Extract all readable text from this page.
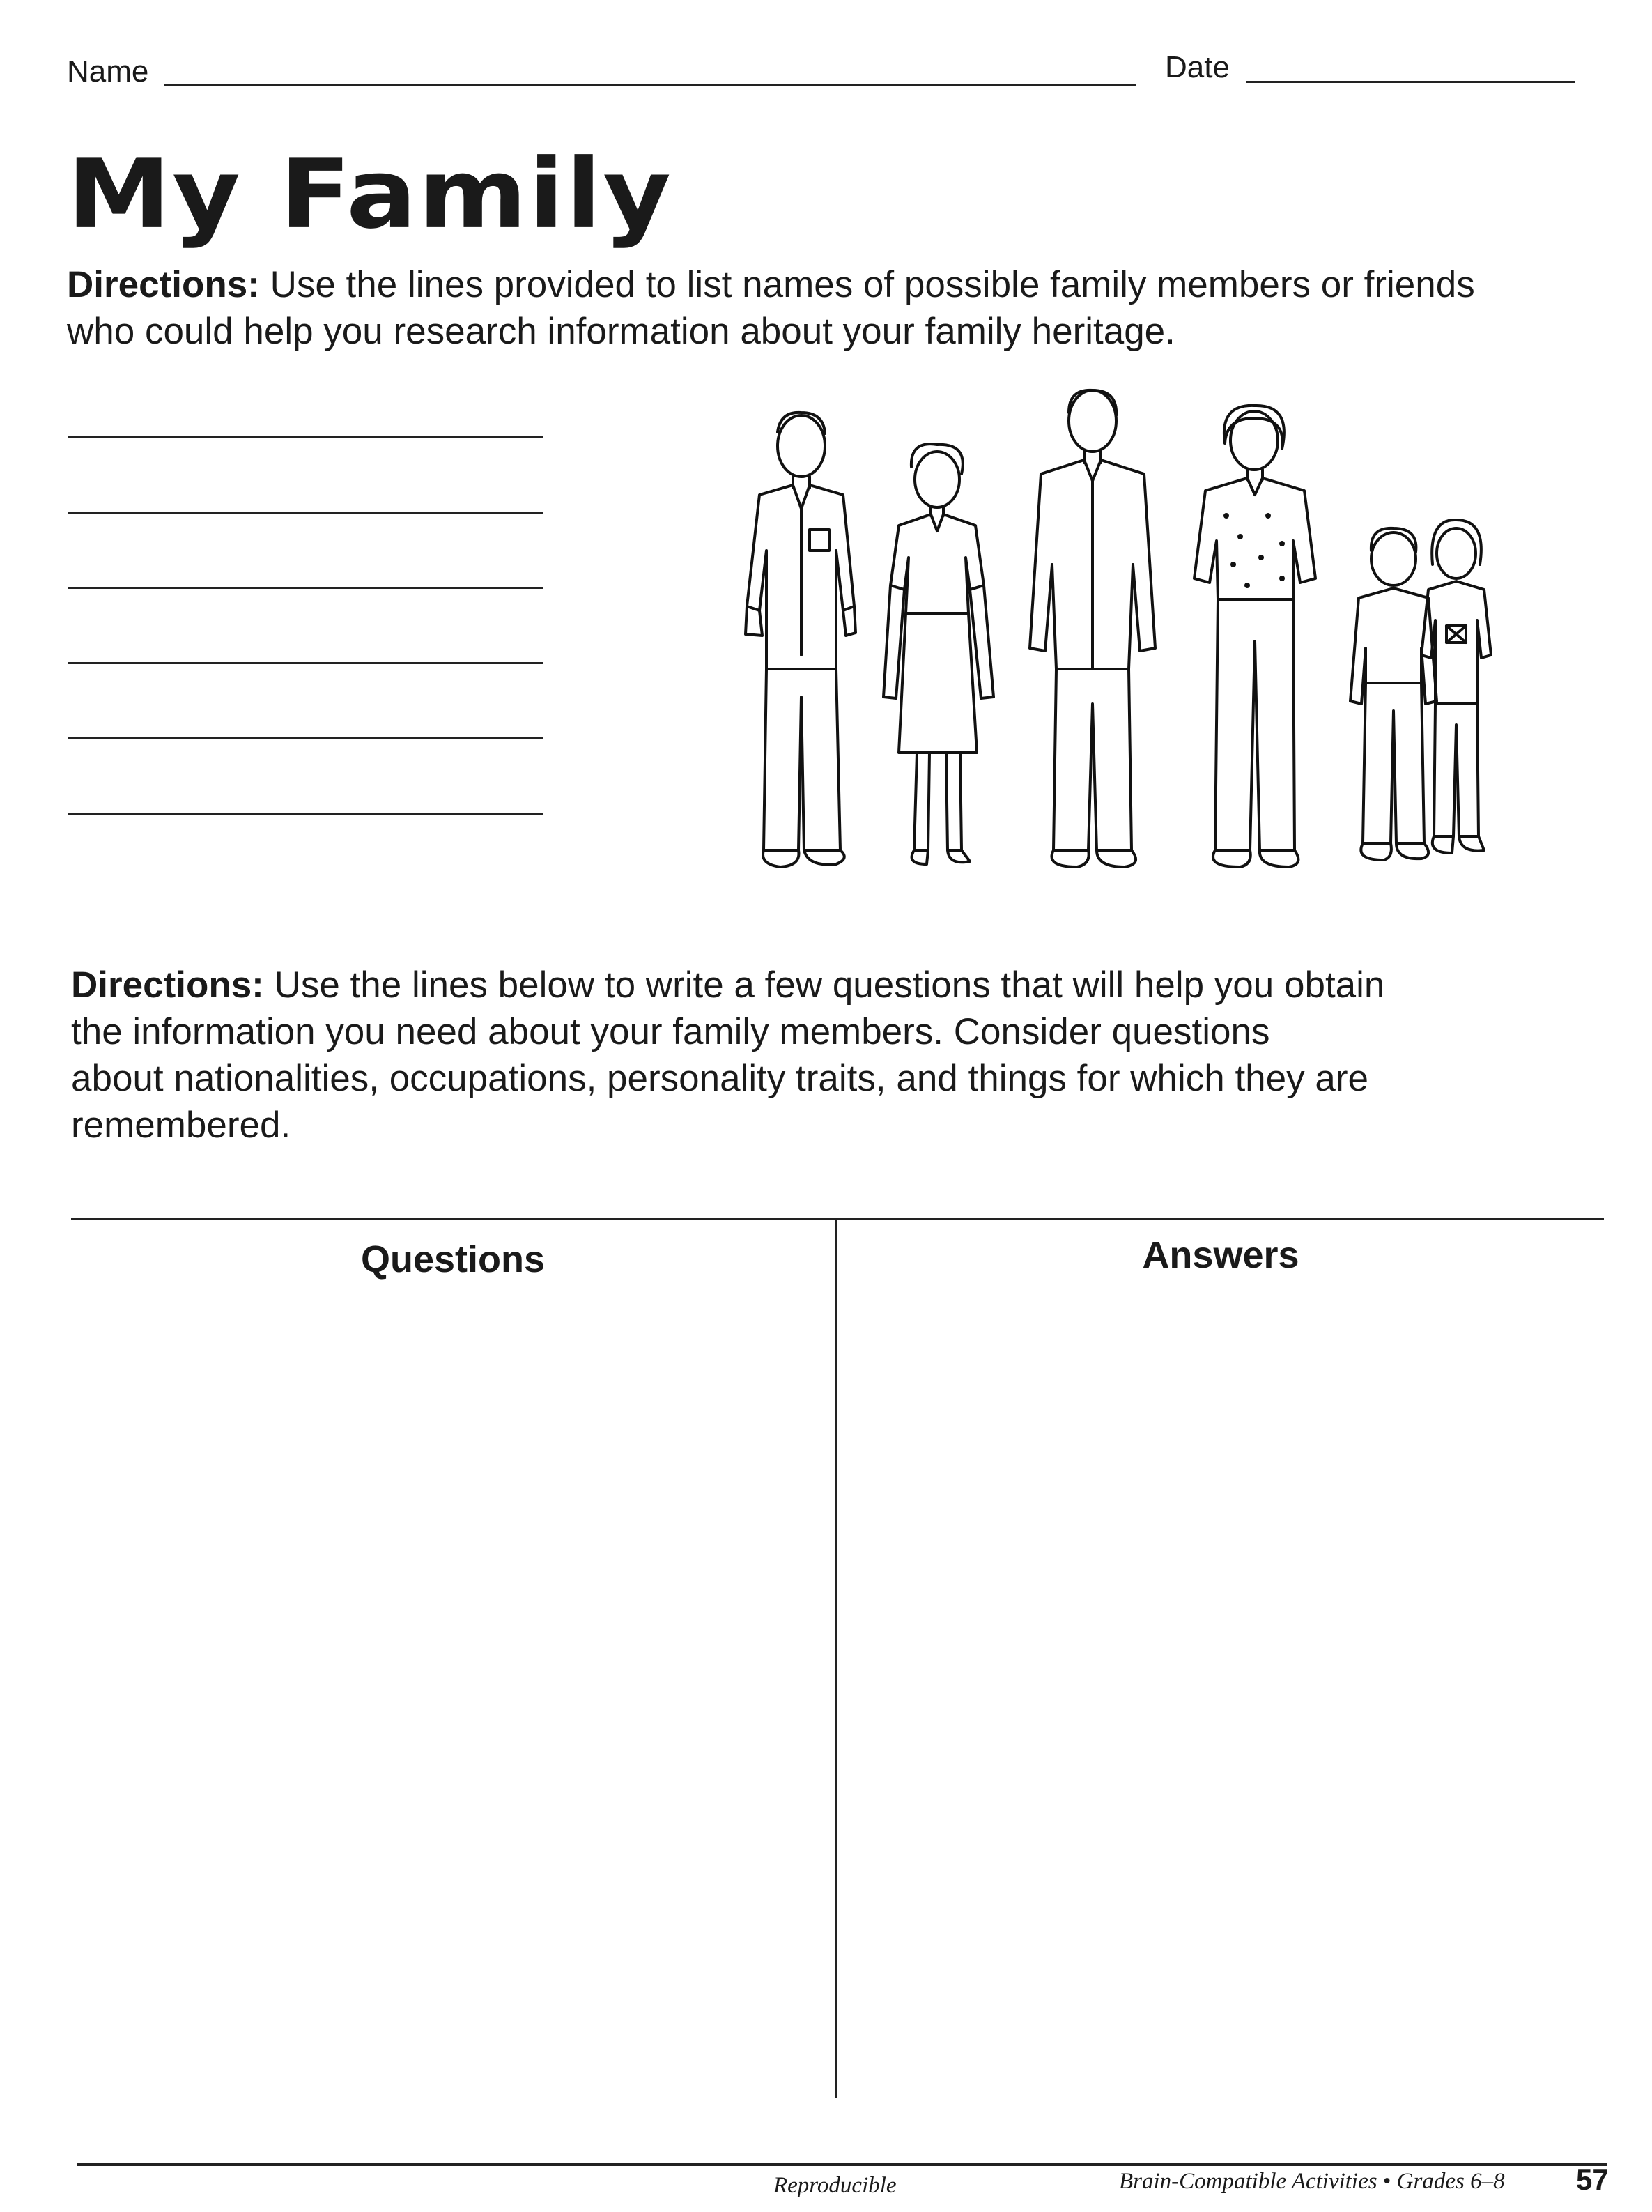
Name	Date
My Family
Directions: Use the lines provided to list names of possible family members or friends
who could help you research information about your family heritage.
Directions: Use the lines below to write a few questions that will help you obtain
the information you need about your family members. Consider questions
about nationalities, occupations, personality traits, and things for which they are
remembered.
Questions	Answers
Reproducible	Brain-Compatible Activities • Grades 6–8 57
